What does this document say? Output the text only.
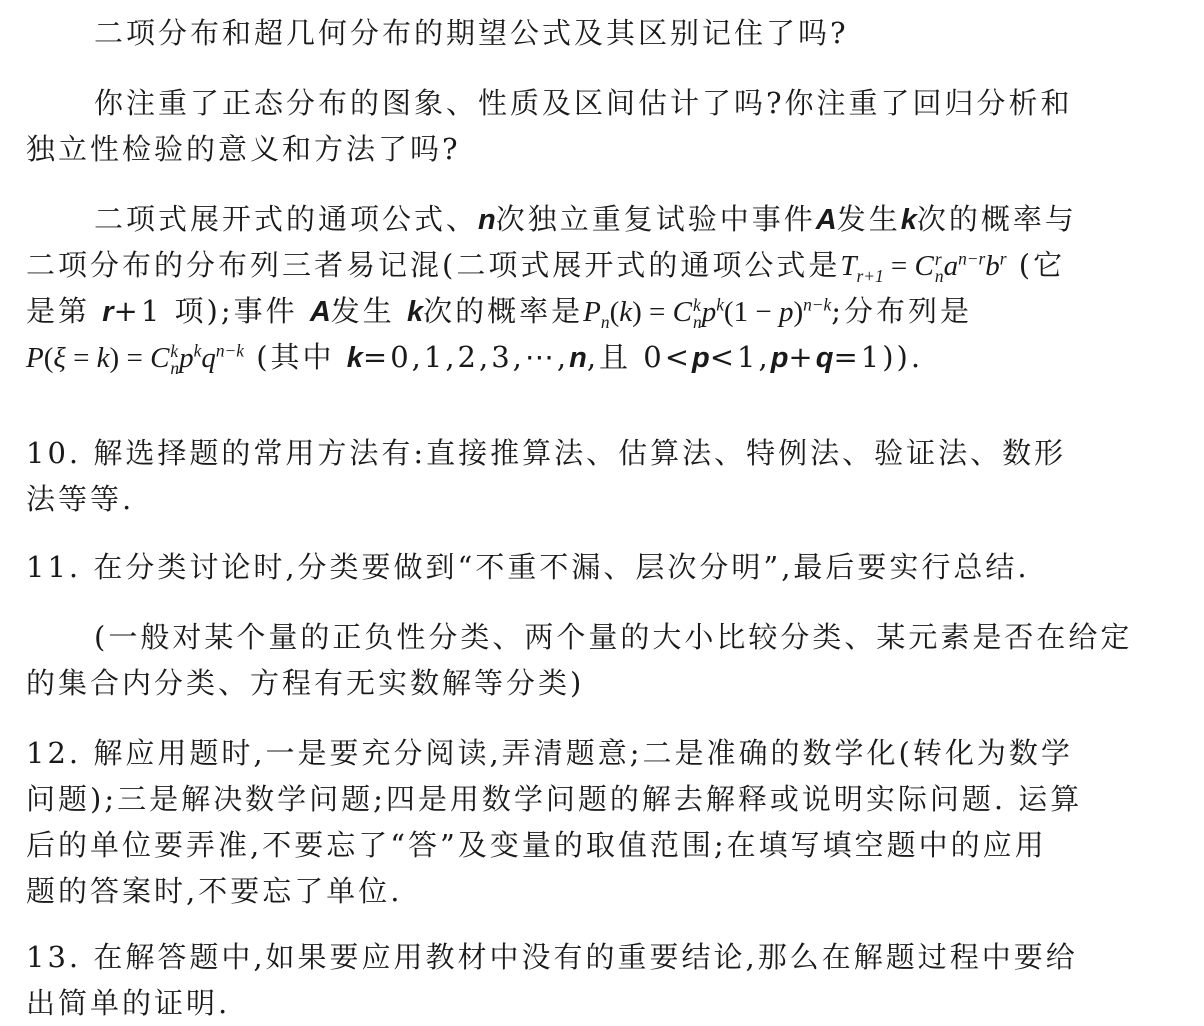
二项分布和超几何分布的期望公式及其区别记住了吗?
你注重了正态分布的图象、性质及区间估计了吗?你注重了回归分析和
独立性检验的意义和方法了吗?
二项式展开式的通项公式、n次独立重复试验中事件A发生k次的概率与
二项分布的分布列三者易记混(二项式展开式的通项公式是$T_{r+1} = C$ r
n $a^{n-r}b^r$ (它
是第 r+1 项);事件 A发生 k次的概率是$P_n(k) = C$ k
n $p^k(1 - p)^{n-k}$;分布列是
P(ξ = k) = C k
n $p^kq^{n-k}$ (其中 k=0,1,2,3,⋯,n,且 0<p<1,p+q=1)).
10. 解选择题的常用方法有:直接推算法、估算法、特例法、验证法、数形
法等等.
11. 在分类讨论时,分类要做到“不重不漏、层次分明”,最后要实行总结.
(一般对某个量的正负性分类、两个量的大小比较分类、某元素是否在给定
的集合内分类、方程有无实数解等分类)
12. 解应用题时,一是要充分阅读,弄清题意;二是准确的数学化(转化为数学
问题);三是解决数学问题;四是用数学问题的解去解释或说明实际问题. 运算
后的单位要弄准,不要忘了“答”及变量的取值范围;在填写填空题中的应用
题的答案时,不要忘了单位.
13. 在解答题中,如果要应用教材中没有的重要结论,那么在解题过程中要给
出简单的证明.
